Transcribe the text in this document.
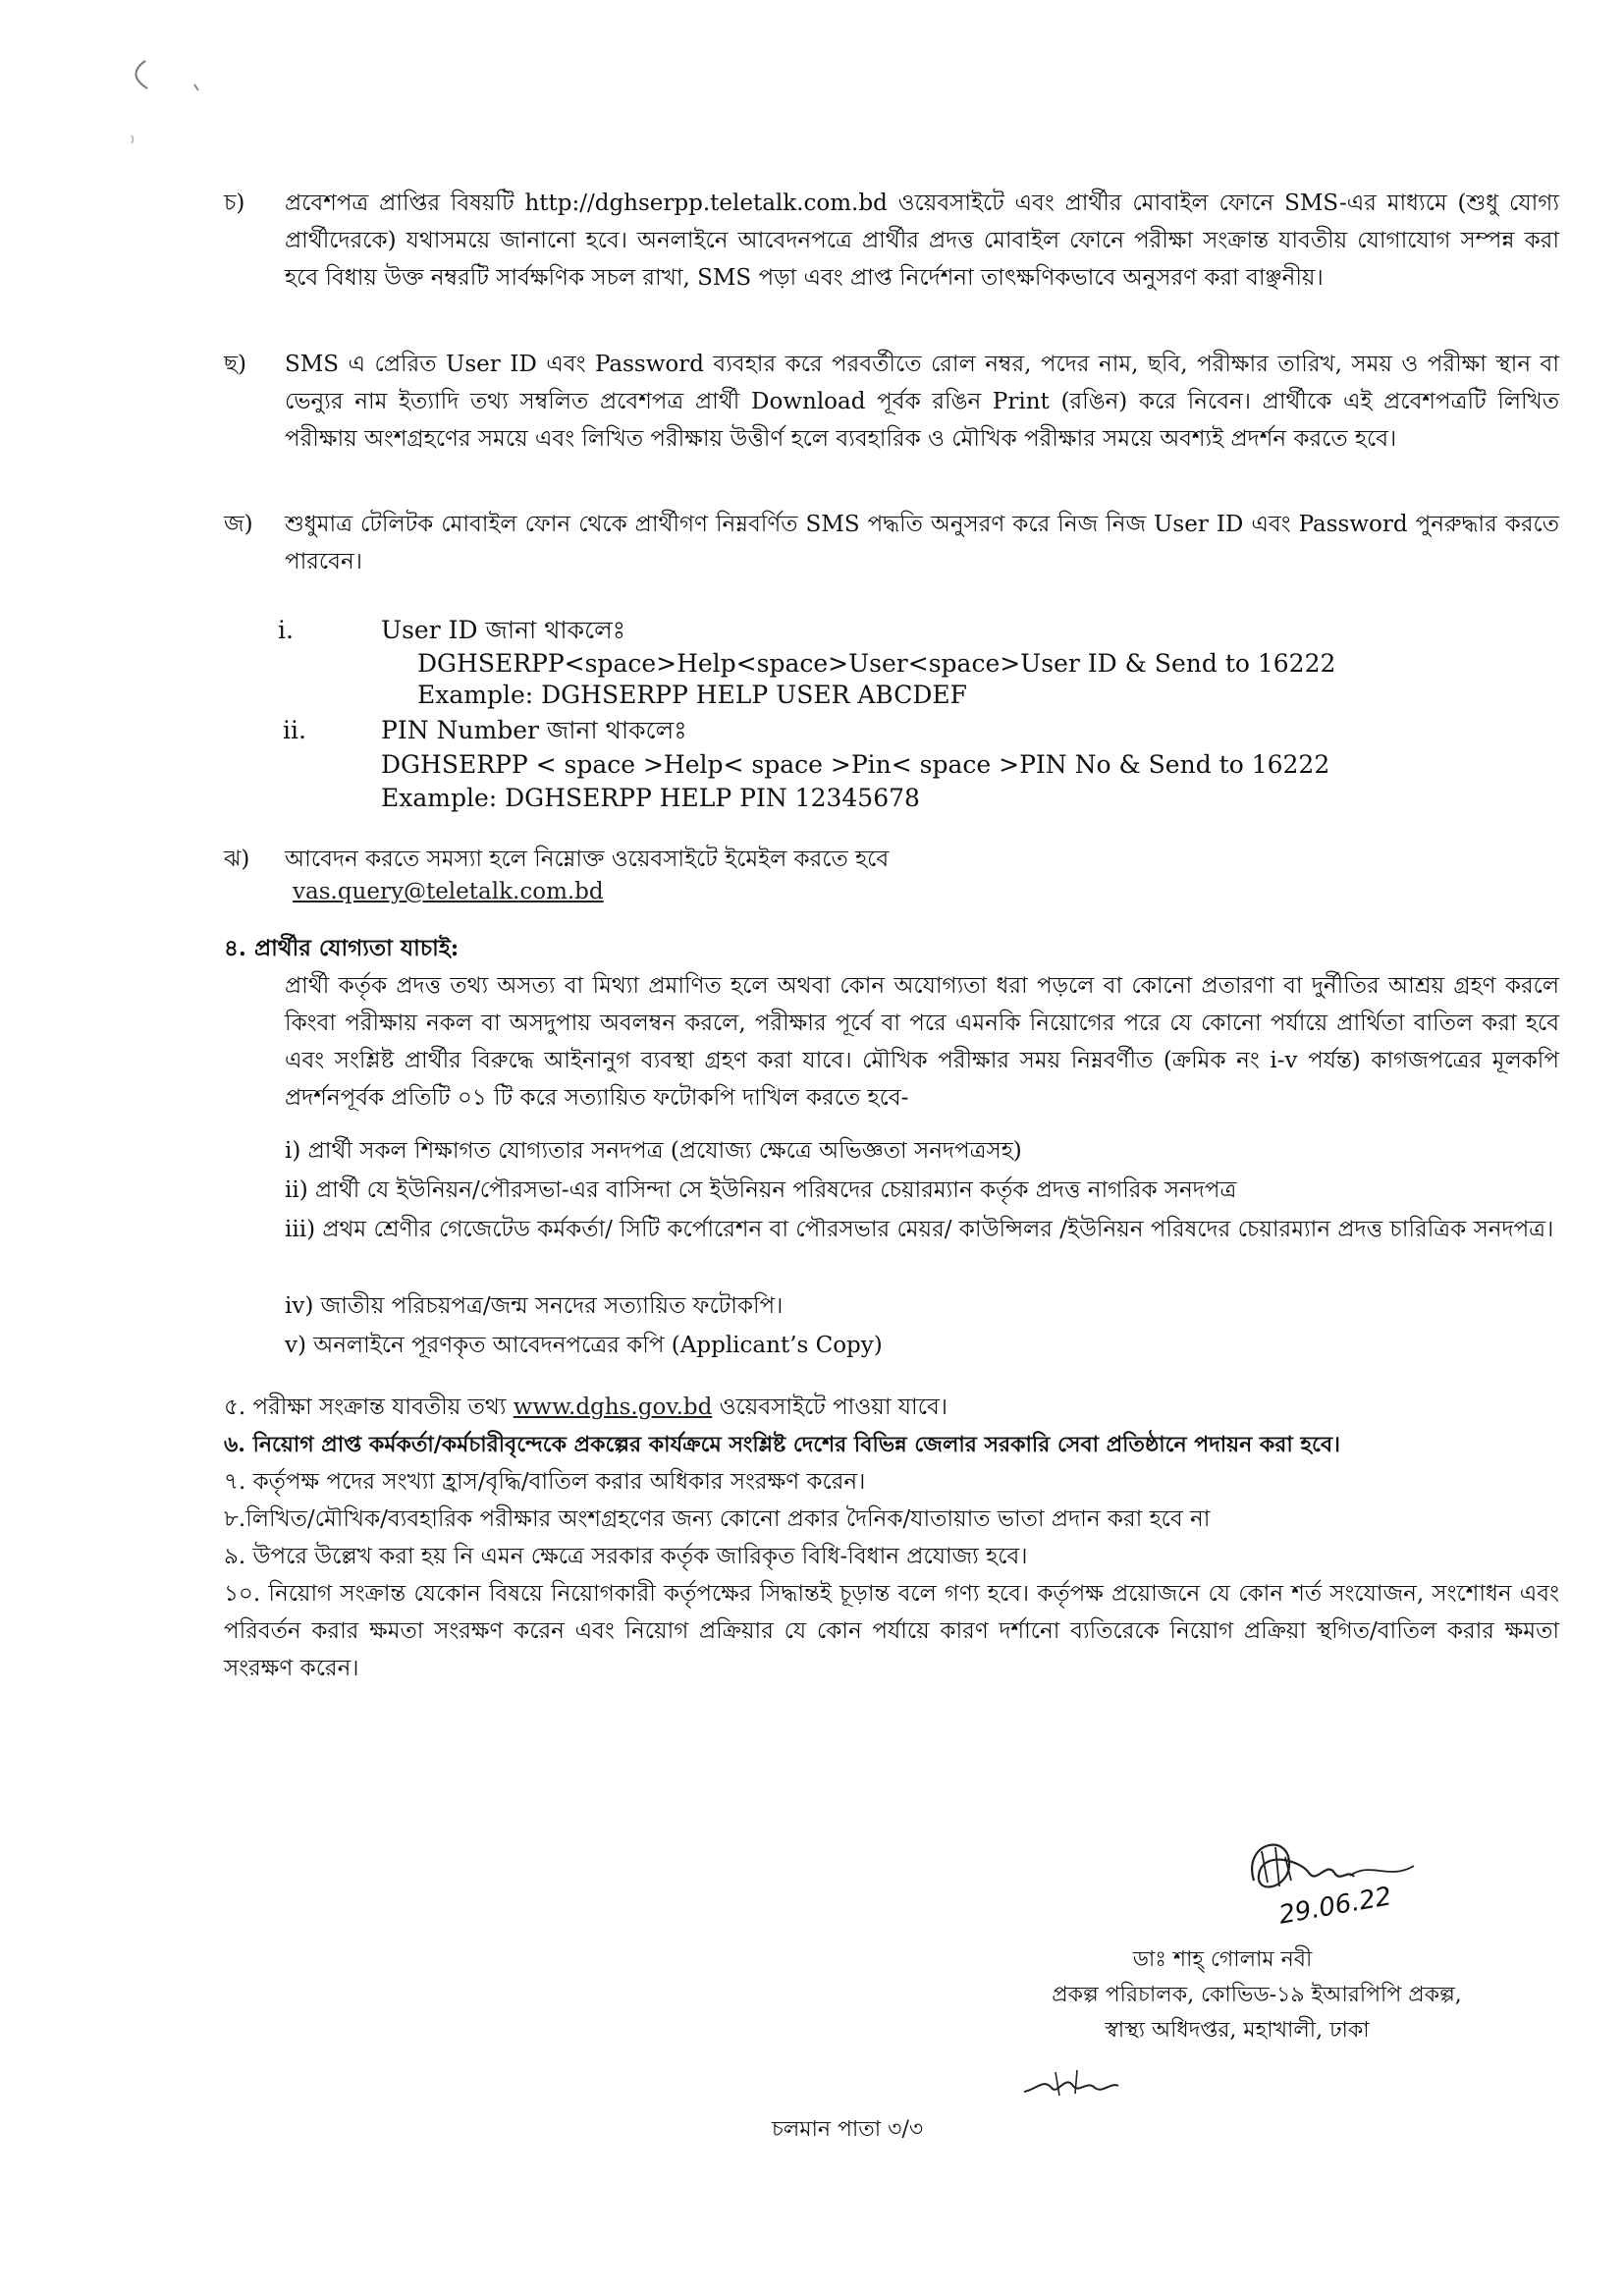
চ) প্রবেশপত্র প্রাপ্তির বিষয়টি http://dghserpp.teletalk.com.bd ওয়েবসাইটে এবং প্রার্থীর মোবাইল ফোনে SMS-এর মাধ্যমে (শুধু যোগ্য প্রার্থীদেরকে) যথাসময়ে জানানো হবে। অনলাইনে আবেদনপত্রে প্রার্থীর প্রদত্ত মোবাইল ফোনে পরীক্ষা সংক্রান্ত যাবতীয় যোগাযোগ সম্পন্ন করা হবে বিধায় উক্ত নম্বরটি সার্বক্ষণিক সচল রাখা, SMS পড়া এবং প্রাপ্ত নির্দেশনা তাৎক্ষণিকভাবে অনুসরণ করা বাঞ্ছনীয়।
ছ) SMS এ প্রেরিত User ID এবং Password ব্যবহার করে পরবর্তীতে রোল নম্বর, পদের নাম, ছবি, পরীক্ষার তারিখ, সময় ও পরীক্ষা স্থান বা ভেন্যুর নাম ইত্যাদি তথ্য সম্বলিত প্রবেশপত্র প্রার্থী Download পূর্বক রঙিন Print (রঙিন) করে নিবেন। প্রার্থীকে এই প্রবেশপত্রটি লিখিত পরীক্ষায় অংশগ্রহণের সময়ে এবং লিখিত পরীক্ষায় উত্তীর্ণ হলে ব্যবহারিক ও মৌখিক পরীক্ষার সময়ে অবশ্যই প্রদর্শন করতে হবে।
জ) শুধুমাত্র টেলিটক মোবাইল ফোন থেকে প্রার্থীগণ নিম্নবর্ণিত SMS পদ্ধতি অনুসরণ করে নিজ নিজ User ID এবং Password পুনরুদ্ধার করতে পারবেন।
i.	User ID জানা থাকলেঃ
DGHSERPP<space>Help<space>User<space>User ID & Send to 16222
Example: DGHSERPP HELP USER ABCDEF
ii.	PIN Number জানা থাকলেঃ
DGHSERPP < space >Help< space >Pin< space >PIN No & Send to 16222
Example: DGHSERPP HELP PIN 12345678
ঝ) আবেদন করতে সমস্যা হলে নিম্নোক্ত ওয়েবসাইটে ইমেইল করতে হবে
vas.query@teletalk.com.bd
৪. প্রার্থীর যোগ্যতা যাচাই:
প্রার্থী কর্তৃক প্রদত্ত তথ্য অসত্য বা মিথ্যা প্রমাণিত হলে অথবা কোন অযোগ্যতা ধরা পড়লে বা কোনো প্রতারণা বা দুর্নীতির আশ্রয় গ্রহণ করলে কিংবা পরীক্ষায় নকল বা অসদুপায় অবলম্বন করলে, পরীক্ষার পূর্বে বা পরে এমনকি নিয়োগের পরে যে কোনো পর্যায়ে প্রার্থিতা বাতিল করা হবে এবং সংশ্লিষ্ট প্রার্থীর বিরুদ্ধে আইনানুগ ব্যবস্থা গ্রহণ করা যাবে। মৌখিক পরীক্ষার সময় নিম্নবর্ণীত (ক্রমিক নং i-v পর্যন্ত) কাগজপত্রের মূলকপি প্রদর্শনপূর্বক প্রতিটি ০১ টি করে সত্যায়িত ফটোকপি দাখিল করতে হবে-
i) প্রার্থী সকল শিক্ষাগত যোগ্যতার সনদপত্র (প্রযোজ্য ক্ষেত্রে অভিজ্ঞতা সনদপত্রসহ)
ii) প্রার্থী যে ইউনিয়ন/পৌরসভা-এর বাসিন্দা সে ইউনিয়ন পরিষদের চেয়ারম্যান কর্তৃক প্রদত্ত নাগরিক সনদপত্র
iii) প্রথম শ্রেণীর গেজেটেড কর্মকর্তা/ সিটি কর্পোরেশন বা পৌরসভার মেয়র/ কাউন্সিলর /ইউনিয়ন পরিষদের চেয়ারম্যান প্রদত্ত চারিত্রিক সনদপত্র।
iv) জাতীয় পরিচয়পত্র/জন্ম সনদের সত্যায়িত ফটোকপি।
v) অনলাইনে পূরণকৃত আবেদনপত্রের কপি (Applicant’s Copy)
৫. পরীক্ষা সংক্রান্ত যাবতীয় তথ্য www.dghs.gov.bd ওয়েবসাইটে পাওয়া যাবে।
৬. নিয়োগ প্রাপ্ত কর্মকর্তা/কর্মচারীবৃন্দেকে প্রকল্পের কার্যক্রমে সংশ্লিষ্ট দেশের বিভিন্ন জেলার সরকারি সেবা প্রতিষ্ঠানে পদায়ন করা হবে।
৭. কর্তৃপক্ষ পদের সংখ্যা হ্রাস/বৃদ্ধি/বাতিল করার অধিকার সংরক্ষণ করেন।
৮.লিখিত/মৌখিক/ব্যবহারিক পরীক্ষার অংশগ্রহণের জন্য কোনো প্রকার দৈনিক/যাতায়াত ভাতা প্রদান করা হবে না
৯. উপরে উল্লেখ করা হয় নি এমন ক্ষেত্রে সরকার কর্তৃক জারিকৃত বিধি-বিধান প্রযোজ্য হবে।
১০. নিয়োগ সংক্রান্ত যেকোন বিষয়ে নিয়োগকারী কর্তৃপক্ষের সিদ্ধান্তই চূড়ান্ত বলে গণ্য হবে। কর্তৃপক্ষ প্রয়োজনে যে কোন শর্ত সংযোজন, সংশোধন এবং পরিবর্তন করার ক্ষমতা সংরক্ষণ করেন এবং নিয়োগ প্রক্রিয়ার যে কোন পর্যায়ে কারণ দর্শানো ব্যতিরেকে নিয়োগ প্রক্রিয়া স্থগিত/বাতিল করার ক্ষমতা সংরক্ষণ করেন।
29.06.22
ডাঃ শাহ্ গোলাম নবী
প্রকল্প পরিচালক, কোভিড-১৯ ইআরপিপি প্রকল্প,
স্বাস্থ্য অধিদপ্তর, মহাখালী, ঢাকা
চলমান পাতা ৩/৩
